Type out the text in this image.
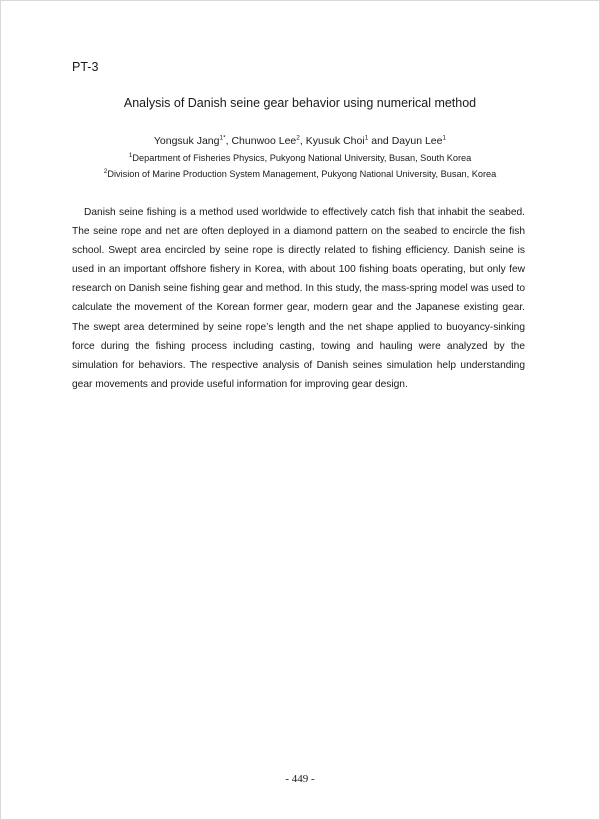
PT-3
Analysis of Danish seine gear behavior using numerical method
Yongsuk Jang$^{1*}$, Chunwoo Lee$^2$, Kyusuk Choi$^1$ and Dayun Lee$^1$
$^1$Department of Fisheries Physics, Pukyong National University, Busan, South Korea
$^2$Division of Marine Production System Management, Pukyong National University, Busan, Korea

Danish seine fishing is a method used worldwide to effectively catch fish that inhabit the seabed. The seine rope and net are often deployed in a diamond pattern on the seabed to encircle the fish school. Swept area encircled by seine rope is directly related to fishing efficiency. Danish seine is used in an important offshore fishery in Korea, with about 100 fishing boats operating, but only few research on Danish seine fishing gear and method. In this study, the mass-spring model was used to calculate the movement of the Korean former gear, modern gear and the Japanese existing gear. The swept area determined by seine rope’s length and the net shape applied to buoyancy-sinking force during the fishing process including casting, towing and hauling were analyzed by the simulation for behaviors. The respective analysis of Danish seines simulation help understanding gear movements and provide useful information for improving gear design.

- 449 -
